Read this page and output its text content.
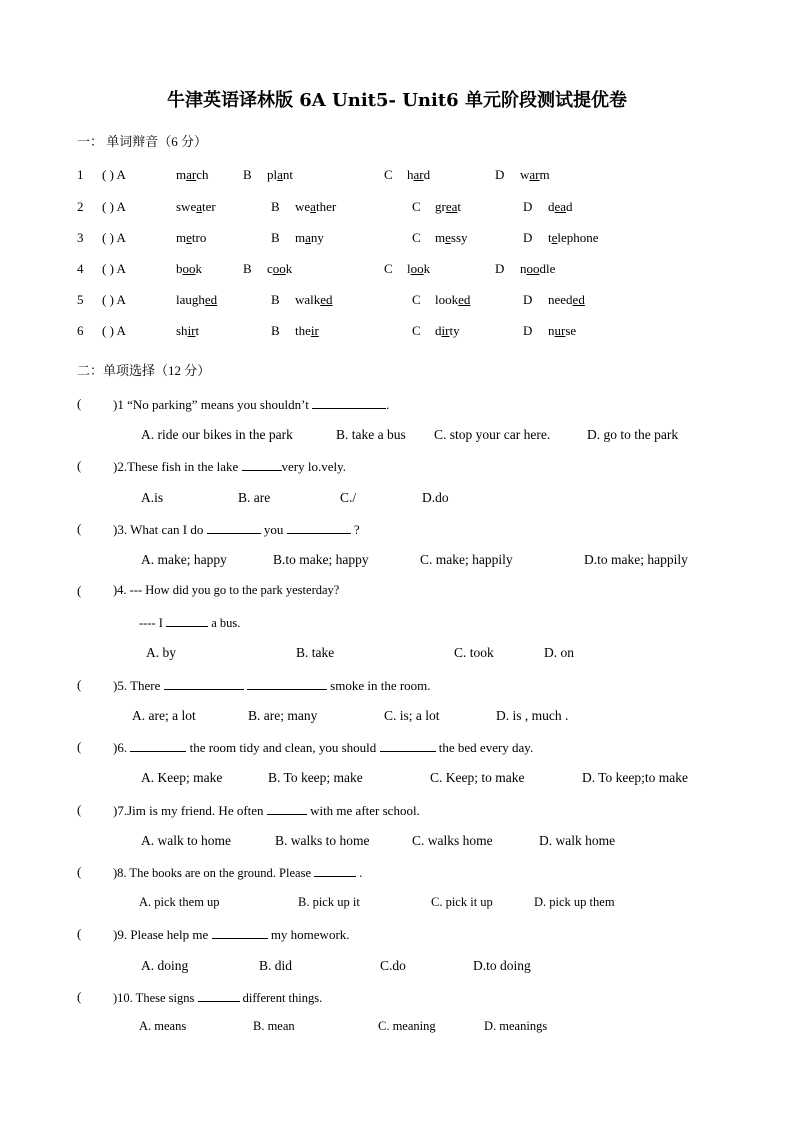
牛津英语译林版 6A Unit5- Unit6 单元阶段测试提优卷
一： 单词辩音（6 分）
1 ( ) A	march	B plant	C hard	D warm
2 ( ) A	sweater	B weather	C great	D dead
3 ( ) A	metro	B many	C messy	D telephone
4 ( ) A	book	B cook	C look	D noodle
5 ( ) A	laughed	B walked	C looked	D needed
6 ( ) A	shirt	B their	C dirty	D nurse
二：单项选择（12 分）
( )1 “No parking” means you shouldn’t	.
A. ride our bikes in the park	B. take a bus C. stop your car here.	D. go to the park
( )2.These fish in the lake	very lo.vely.
A.is	B. are	C./	D.do
( )3. What can I do	you	?
A. make; happy	B.to make; happy	C. make; happily	D.to make; happily
(	)4. --- How did you go to the park yesterday?
---- I	a bus.
A. by	B. take	C. took	D. on
( )5. There	smoke in the room.
A. are; a lot	B. are; many	C. is; a lot	D. is , much .
( )6.	the room tidy and clean, you should	the bed every day.
A. Keep; make	B. To keep; make	C. Keep; to make	D. To keep;to make
( )7.Jim is my friend. He often	with me after school.
A. walk to home	B. walks to home	C. walks home	D. walk home
(	)8. The books are on the ground. Please	.
A. pick them up	B. pick up it	C. pick it up	D. pick up them
( )9. Please help me	my homework.
A. doing	B. did	C.do	D.to doing
(	)10. These signs	different things.
A. means	B. mean	C. meaning	D. meanings
